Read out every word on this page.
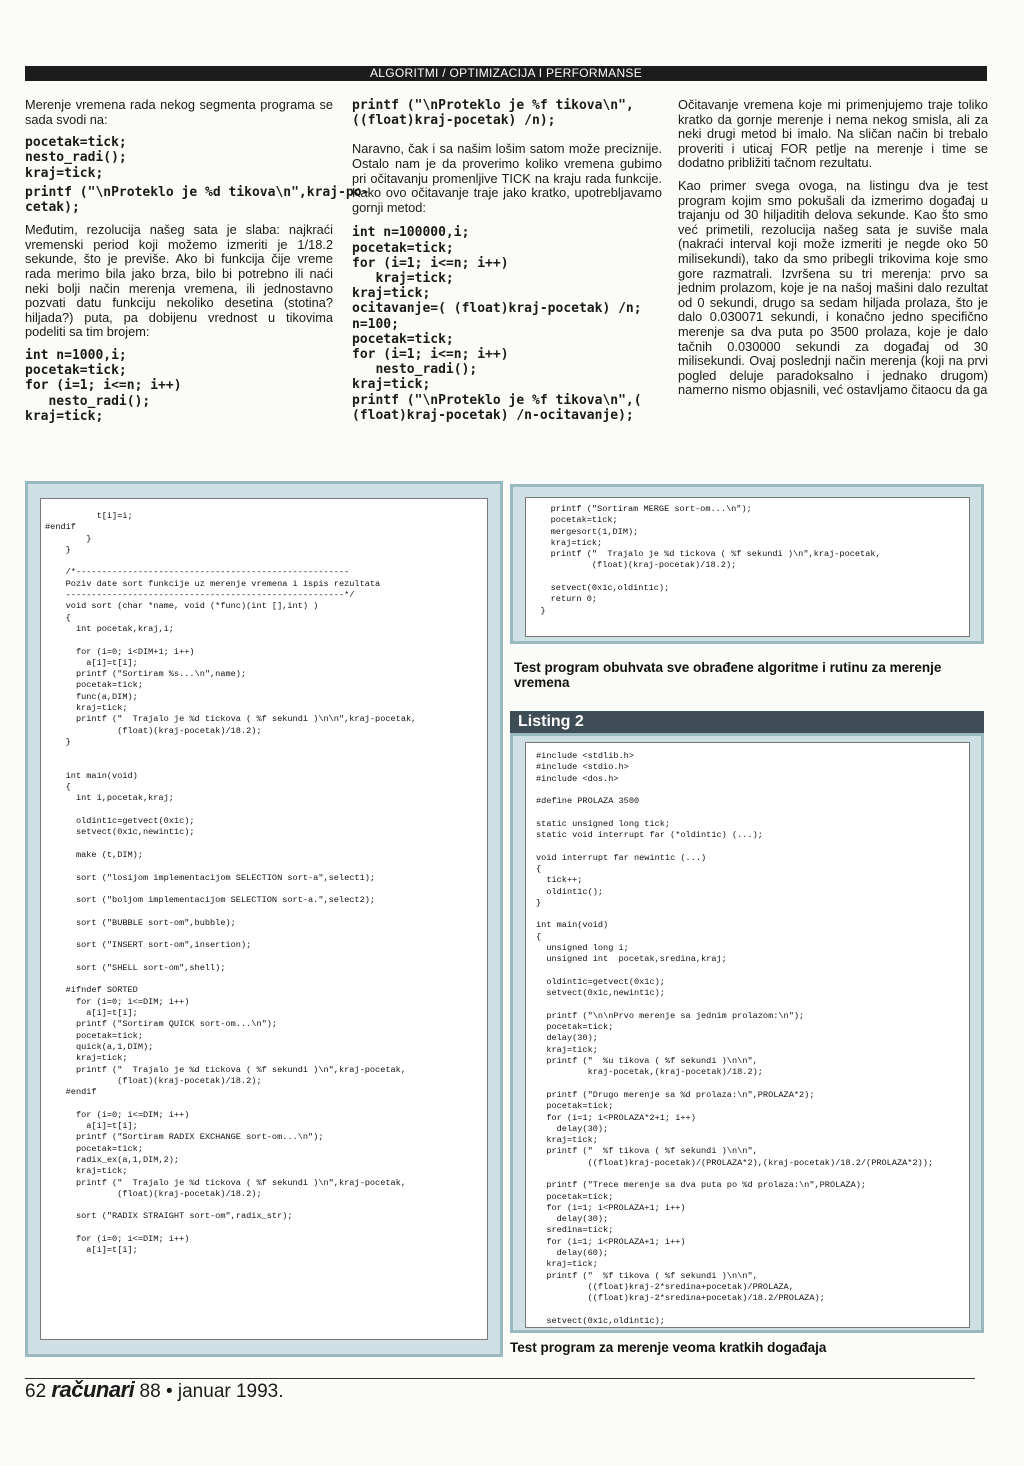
ALGORITMI / OPTIMIZACIJA I PERFORMANSE

Merenje vremena rada nekog segmenta programa se sada svodi na:

pocetak=tick;
nesto_radi();
kraj=tick;
printf ("\nProteklo je %d tikova\n",kraj-po-
cetak);

Međutim, rezolucija našeg sata je slaba: najkraći vremenski period koji možemo izmeriti je 1/18.2 sekunde, što je previše. Ako bi funkcija čije vreme rada merimo bila jako brza, bilo bi potrebno ili naći neki bolji način merenja vremena, ili jednostavno pozvati datu funkciju nekoliko desetina (stotina? hiljada?) puta, pa dobijenu vrednost u tikovima podeliti sa tim brojem:

int n=1000,i;
pocetak=tick;
for (i=1; i<=n; i++)
nesto_radi();
kraj=tick;
printf ("\nProteklo je %f tikova\n",
((float)kraj-pocetak) /n);

Naravno, čak i sa našim lošim satom može preciznije. Ostalo nam je da proverimo koliko vremena gubimo pri očitavanju promenljive TICK na kraju rada funkcije. Kako ovo očitavanje traje jako kratko, upotrebljavamo gornji metod:

int n=100000,i;
pocetak=tick;
for (i=1; i<=n; i++)
kraj=tick;
kraj=tick;
ocitavanje=( (float)kraj-pocetak) /n;
n=100;
pocetak=tick;
for (i=1; i<=n; i++)
nesto_radi();
kraj=tick;
printf ("\nProteklo je %f tikova\n",(
(float)kraj-pocetak) /n-ocitavanje);

Očitavanje vremena koje mi primenjujemo traje toliko kratko da gornje merenje i nema nekog smisla, ali za neki drugi metod bi imalo. Na sličan način bi trebalo proveriti i uticaj FOR petlje na merenje i time se dodatno približiti tačnom rezultatu.

Kao primer svega ovoga, na listingu dva je test program kojim smo pokušali da izmerimo događaj u trajanju od 30 hiljaditih delova sekunde. Kao što smo već primetili, rezolucija našeg sata je suviše mala (nakraći interval koji može izmeriti je negde oko 50 milisekundi), tako da smo pribegli trikovima koje smo gore razmatrali. Izvršena su tri merenja: prvo sa jednim prolazom, koje je na našoj mašini dalo rezultat od 0 sekundi, drugo sa sedam hiljada prolaza, što je dalo 0.030071 sekundi, i konačno jedno specifično merenje sa dva puta po 3500 prolaza, koje je dalo tačnih 0.030000 sekundi za događaj od 30 milisekundi. Ovaj poslednji način merenja (koji na prvi pogled deluje paradoksalno i jednako drugom) namerno nismo objasnili, već ostavljamo čitaocu da ga

t[i]=i;
#endif
}
}

/*-----------------------------------------------------
Poziv date sort funkcije uz merenje vremena i ispis rezultata
------------------------------------------------------*/
void sort (char *name, void (*func)(int [],int) )
{
int pocetak,kraj,i;

for (i=0; i<DIM+1; i++)
a[i]=t[i];
printf ("Sortiram %s...\n",name);
pocetak=tick;
func(a,DIM);
kraj=tick;
printf ("  Trajalo je %d tickova ( %f sekundi )\n\n",kraj-pocetak,
(float)(kraj-pocetak)/18.2);
}

int main(void)
{
int i,pocetak,kraj;

oldint1c=getvect(0x1c);
setvect(0x1c,newint1c);

make (t,DIM);

sort ("losijom implementacijom SELECTION sort-a",select1);

sort ("boljom implementacijom SELECTION sort-a.",select2);

sort ("BUBBLE sort-om",bubble);

sort ("INSERT sort-om",insertion);

sort ("SHELL sort-om",shell);

#ifndef SORTED
for (i=0; i<=DIM; i++)
a[i]=t[i];
printf ("Sortiram QUICK sort-om...\n");
pocetak=tick;
quick(a,1,DIM);
kraj=tick;
printf ("  Trajalo je %d tickova ( %f sekundi )\n",kraj-pocetak,
(float)(kraj-pocetak)/18.2);
#endif

for (i=0; i<=DIM; i++)
a[i]=t[i];
printf ("Sortiram RADIX EXCHANGE sort-om...\n");
pocetak=tick;
radix_ex(a,1,DIM,2);
kraj=tick;
printf ("  Trajalo je %d tickova ( %f sekundi )\n",kraj-pocetak,
(float)(kraj-pocetak)/18.2);

sort ("RADIX STRAIGHT sort-om",radix_str);

for (i=0; i<=DIM; i++)
a[i]=t[i];
printf ("Sortiram MERGE sort-om...\n");
pocetak=tick;
mergesort(1,DIM);
kraj=tick;
printf ("  Trajalo je %d tickova ( %f sekundi )\n",kraj-pocetak,
(float)(kraj-pocetak)/18.2);

setvect(0x1c,oldint1c);
return 0;
}
Test program obuhvata sve obrađene algoritme i rutinu za merenje vremena
Listing 2
#include <stdlib.h>
#include <stdio.h>
#include <dos.h>

#define PROLAZA 3500

static unsigned long tick;
static void interrupt far (*oldint1c) (...);

void interrupt far newint1c (...)
{
tick++;
oldint1c();
}

int main(void)
{
unsigned long i;
unsigned int  pocetak,sredina,kraj;

oldint1c=getvect(0x1c);
setvect(0x1c,newint1c);

printf ("\n\nPrvo merenje sa jednim prolazom:\n");
pocetak=tick;
delay(30);
kraj=tick;
printf ("  %u tikova ( %f sekundi )\n\n",
kraj-pocetak,(kraj-pocetak)/18.2);

printf ("Drugo merenje sa %d prolaza:\n",PROLAZA*2);
pocetak=tick;
for (i=1; i<PROLAZA*2+1; i++)
delay(30);
kraj=tick;
printf ("  %f tikova ( %f sekundi )\n\n",
((float)kraj-pocetak)/(PROLAZA*2),(kraj-pocetak)/18.2/(PROLAZA*2));

printf ("Trece merenje sa dva puta po %d prolaza:\n",PROLAZA);
pocetak=tick;
for (i=1; i<PROLAZA+1; i++)
delay(30);
sredina=tick;
for (i=1; i<PROLAZA+1; i++)
delay(60);
kraj=tick;
printf ("  %f tikova ( %f sekundi )\n\n",
((float)kraj-2*sredina+pocetak)/PROLAZA,
((float)kraj-2*sredina+pocetak)/18.2/PROLAZA);

setvect(0x1c,oldint1c);

Test program za merenje veoma kratkih događaja
62 računari 88 • januar 1993.
